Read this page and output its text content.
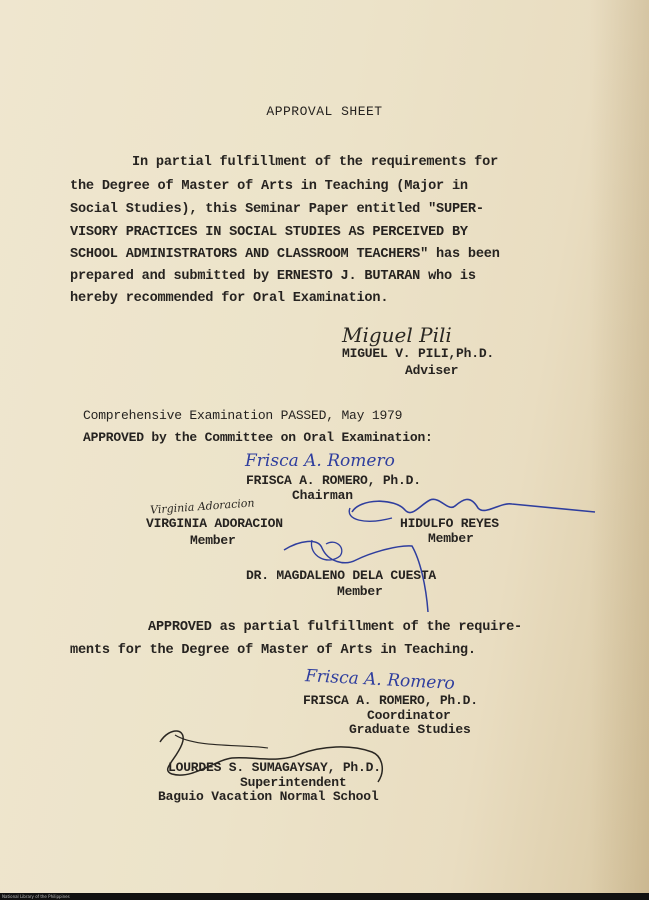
APPROVAL SHEET

In partial fulfillment of the requirements for

the Degree of Master of Arts in Teaching (Major in

Social Studies), this Seminar Paper entitled "SUPER-

VISORY PRACTICES IN SOCIAL STUDIES AS PERCEIVED BY

SCHOOL ADMINISTRATORS AND CLASSROOM TEACHERS" has been

prepared and submitted by ERNESTO J. BUTARAN who is

hereby recommended for Oral Examination.

Miguel Pili

MIGUEL V. PILI,Ph.D.

Adviser

Comprehensive Examination PASSED, May 1979

APPROVED by the Committee on Oral Examination:

Frisca A. Romero

FRISCA A. ROMERO, Ph.D.

Chairman

Virginia Adoracion

VIRGINIA ADORACION

Member

HIDULFO REYES

Member

DR. MAGDALENO DELA CUESTA

Member

APPROVED as partial fulfillment of the require-

ments for the Degree of Master of Arts in Teaching.

Frisca A. Romero

FRISCA A. ROMERO, Ph.D.

Coordinator

Graduate Studies

LOURDES S. SUMAGAYSAY, Ph.D.

Superintendent

Baguio Vacation Normal School

National Library of the Philippines
